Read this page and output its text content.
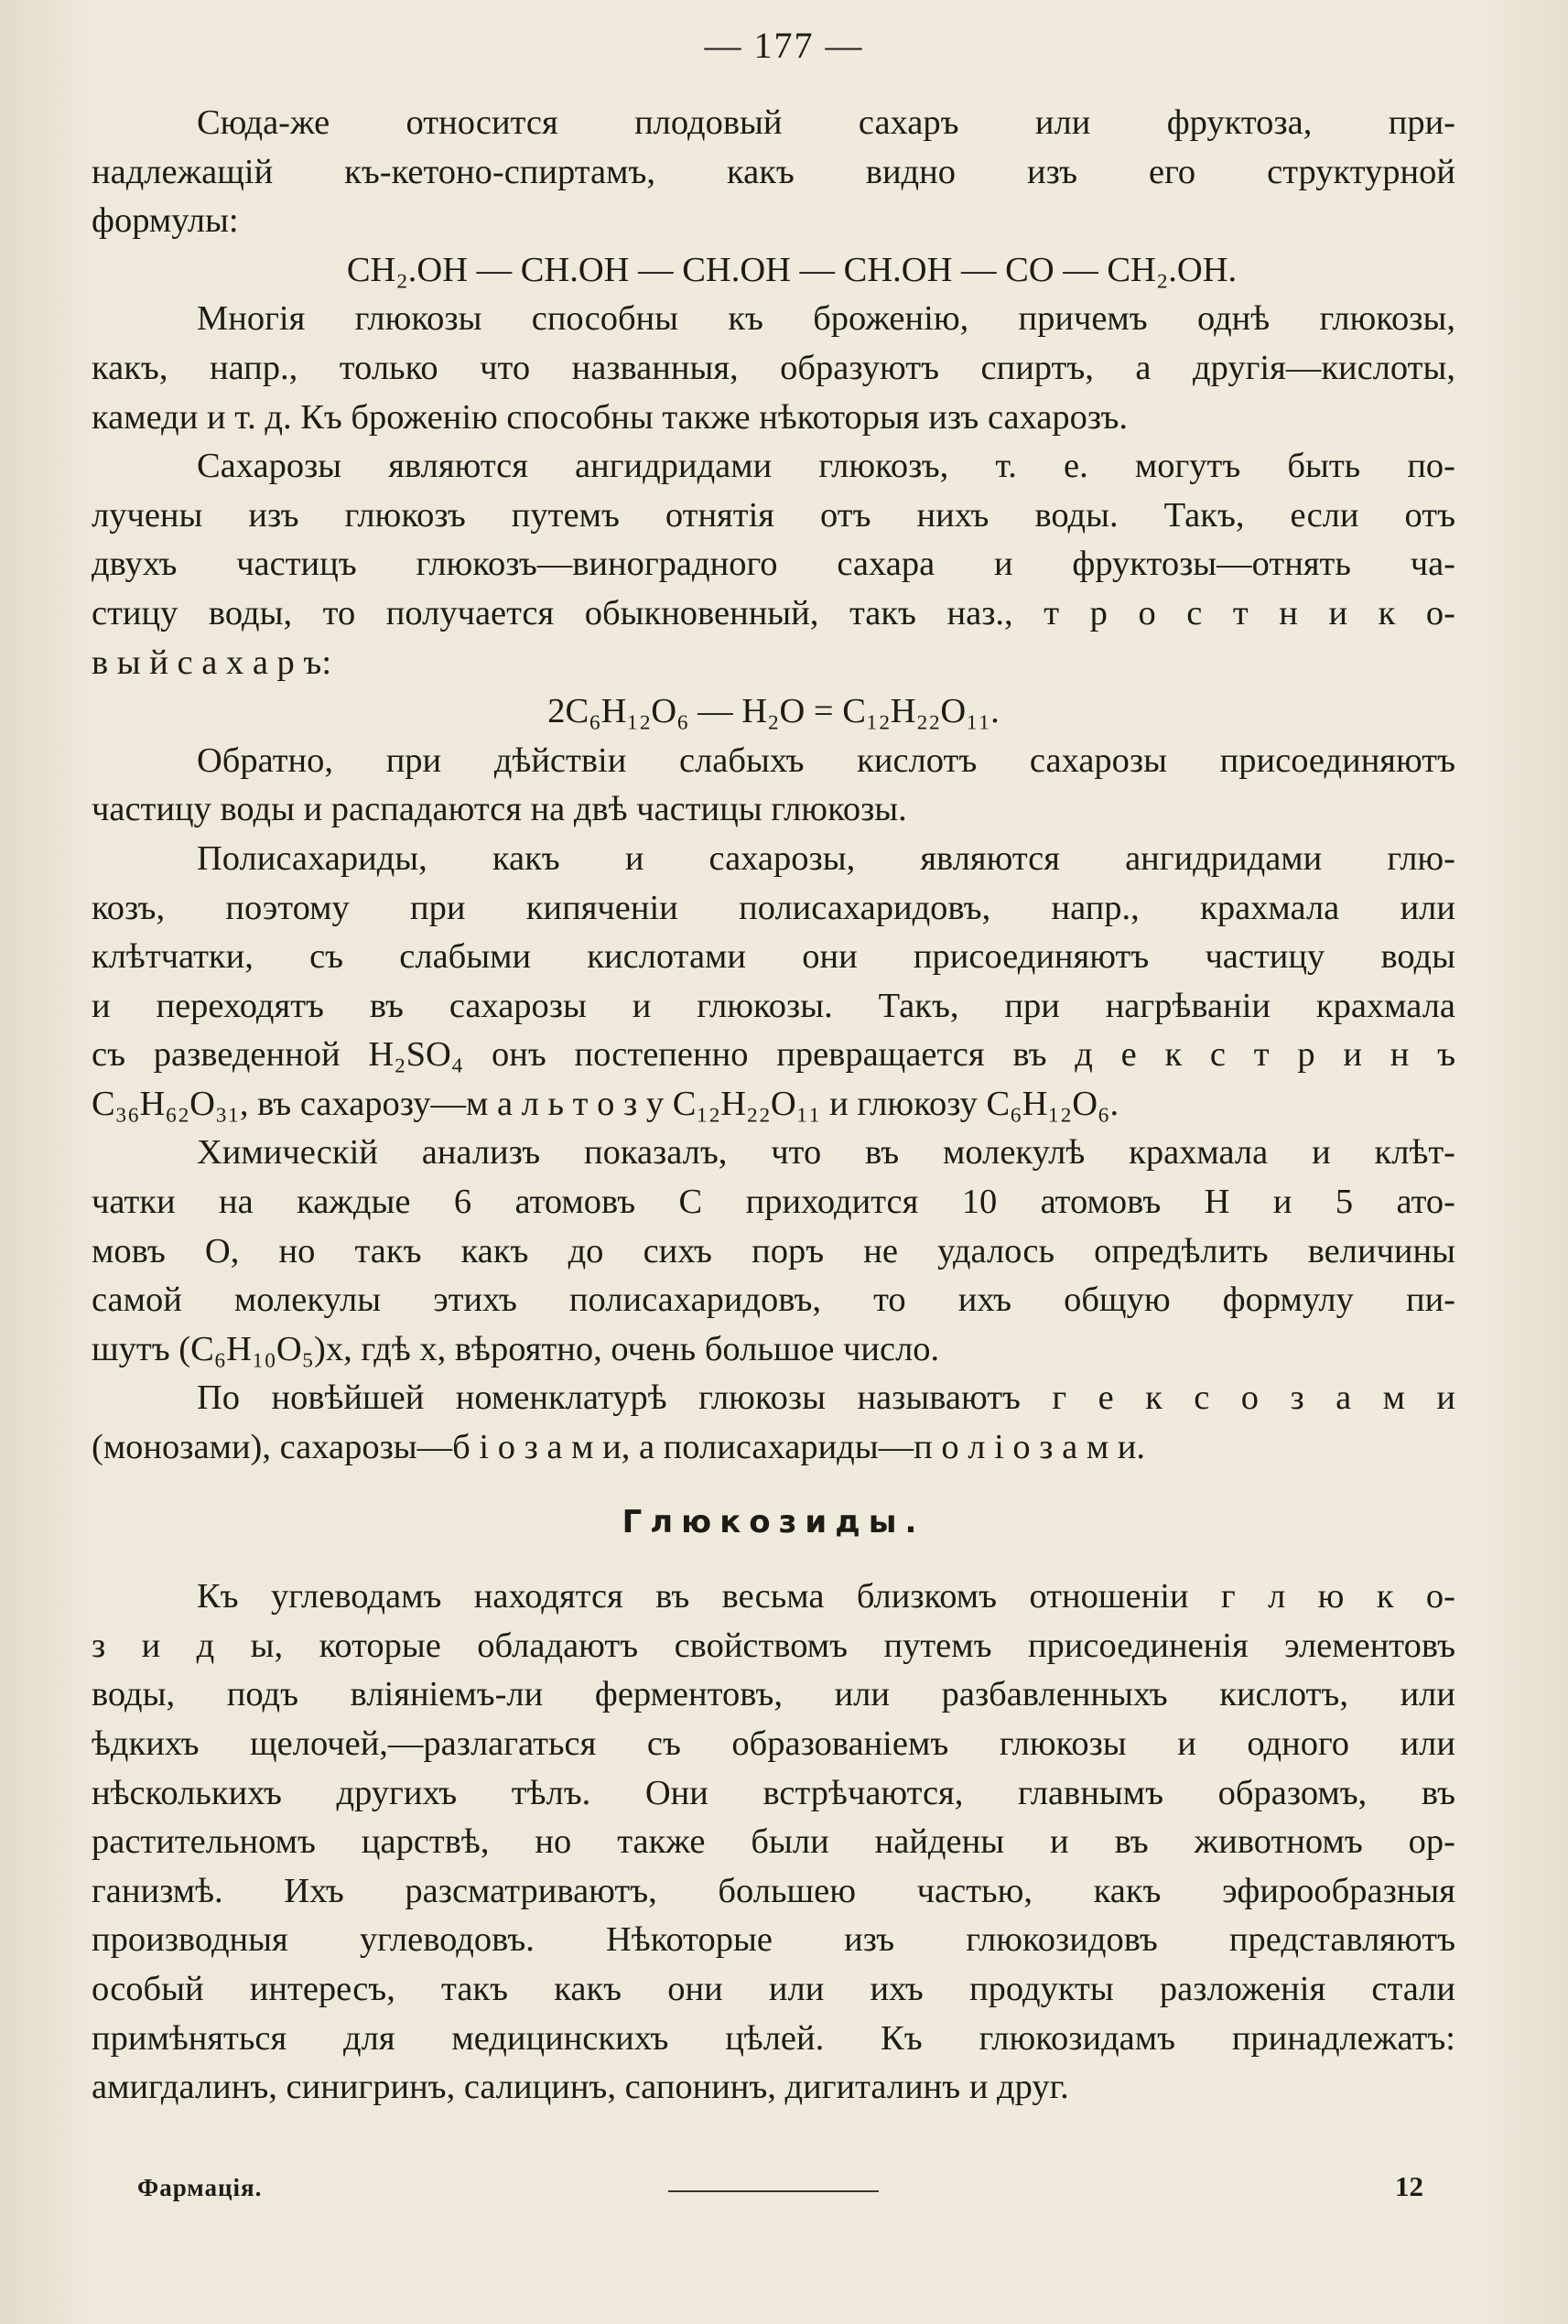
— 177 —
Сюда-же относится плодовый сахаръ или фруктоза, при-
надлежащій къ-кетоно-спиртамъ, какъ видно изъ его структурной
формулы:
CH₂.OH — CH.OH — CH.OH — CH.OH — CO — CH₂.OH.
Многія глюкозы способны къ броженію, причемъ однѣ глюкозы,
какъ, напр., только что названныя, образуютъ спиртъ, а другія—кислоты,
камеди и т. д. Къ броженію способны также нѣкоторыя изъ сахарозъ.
Сахарозы являются ангидридами глюкозъ, т. е. могутъ быть по-
лучены изъ глюкозъ путемъ отнятія отъ нихъ воды. Такъ, если отъ
двухъ частицъ глюкозъ—виноградного сахара и фруктозы—отнять ча-
стицу воды, то получается обыкновенный, такъ наз., т р о с т н и к о-
в ы й с а х а р ъ:
2C₆H₁₂O₆ — H₂O = C₁₂H₂₂O₁₁.
Обратно, при дѣйствіи слабыхъ кислотъ сахарозы присоединяютъ
частицу воды и распадаются на двѣ частицы глюкозы.
Полисахариды, какъ и сахарозы, являются ангидридами глю-
козъ, поэтому при кипяченіи полисахаридовъ, напр., крахмала или
клѣтчатки, съ слабыми кислотами они присоединяютъ частицу воды
и переходятъ въ сахарозы и глюкозы. Такъ, при нагрѣваніи крахмала
съ разведенной H₂SO₄ онъ постепенно превращается въ д е к с т р и н ъ
C₃₆H₆₂O₃₁, въ сахарозу—м а л ь т о з у C₁₂H₂₂O₁₁ и глюкозу C₆H₁₂O₆.
Химическій анализъ показалъ, что въ молекулѣ крахмала и клѣт-
чатки на каждые 6 атомовъ C приходится 10 атомовъ H и 5 ато-
мовъ O, но такъ какъ до сихъ поръ не удалось опредѣлить величины
самой молекулы этихъ полисахаридовъ, то ихъ общую формулу пи-
шутъ (C₆H₁₀O₅)x, гдѣ x, вѣроятно, очень большое число.
По новѣйшей номенклатурѣ глюкозы называютъ г е к с о з а м и
(монозами), сахарозы—б і о з а м и, а полисахариды—п о л і о з а м и.
Глюкозиды.
Къ углеводамъ находятся въ весьма близкомъ отношеніи г л ю к о-
з и д ы, которые обладаютъ свойствомъ путемъ присоединенія элементовъ
воды, подъ вліяніемъ-ли ферментовъ, или разбавленныхъ кислотъ, или
ѣдкихъ щелочей,—разлагаться съ образованіемъ глюкозы и одного или
нѣсколькихъ другихъ тѣлъ. Они встрѣчаются, главнымъ образомъ, въ
растительномъ царствѣ, но также были найдены и въ животномъ ор-
ганизмѣ. Ихъ разсматриваютъ, большею частью, какъ эфирообразныя
производныя углеводовъ. Нѣкоторые изъ глюкозидовъ представляютъ
особый интересъ, такъ какъ они или ихъ продукты разложенія стали
примѣняться для медицинскихъ цѣлей. Къ глюкозидамъ принадлежатъ:
амигдалинъ, синигринъ, салицинъ, сапонинъ, дигиталинъ и друг.
Фармація.	12
